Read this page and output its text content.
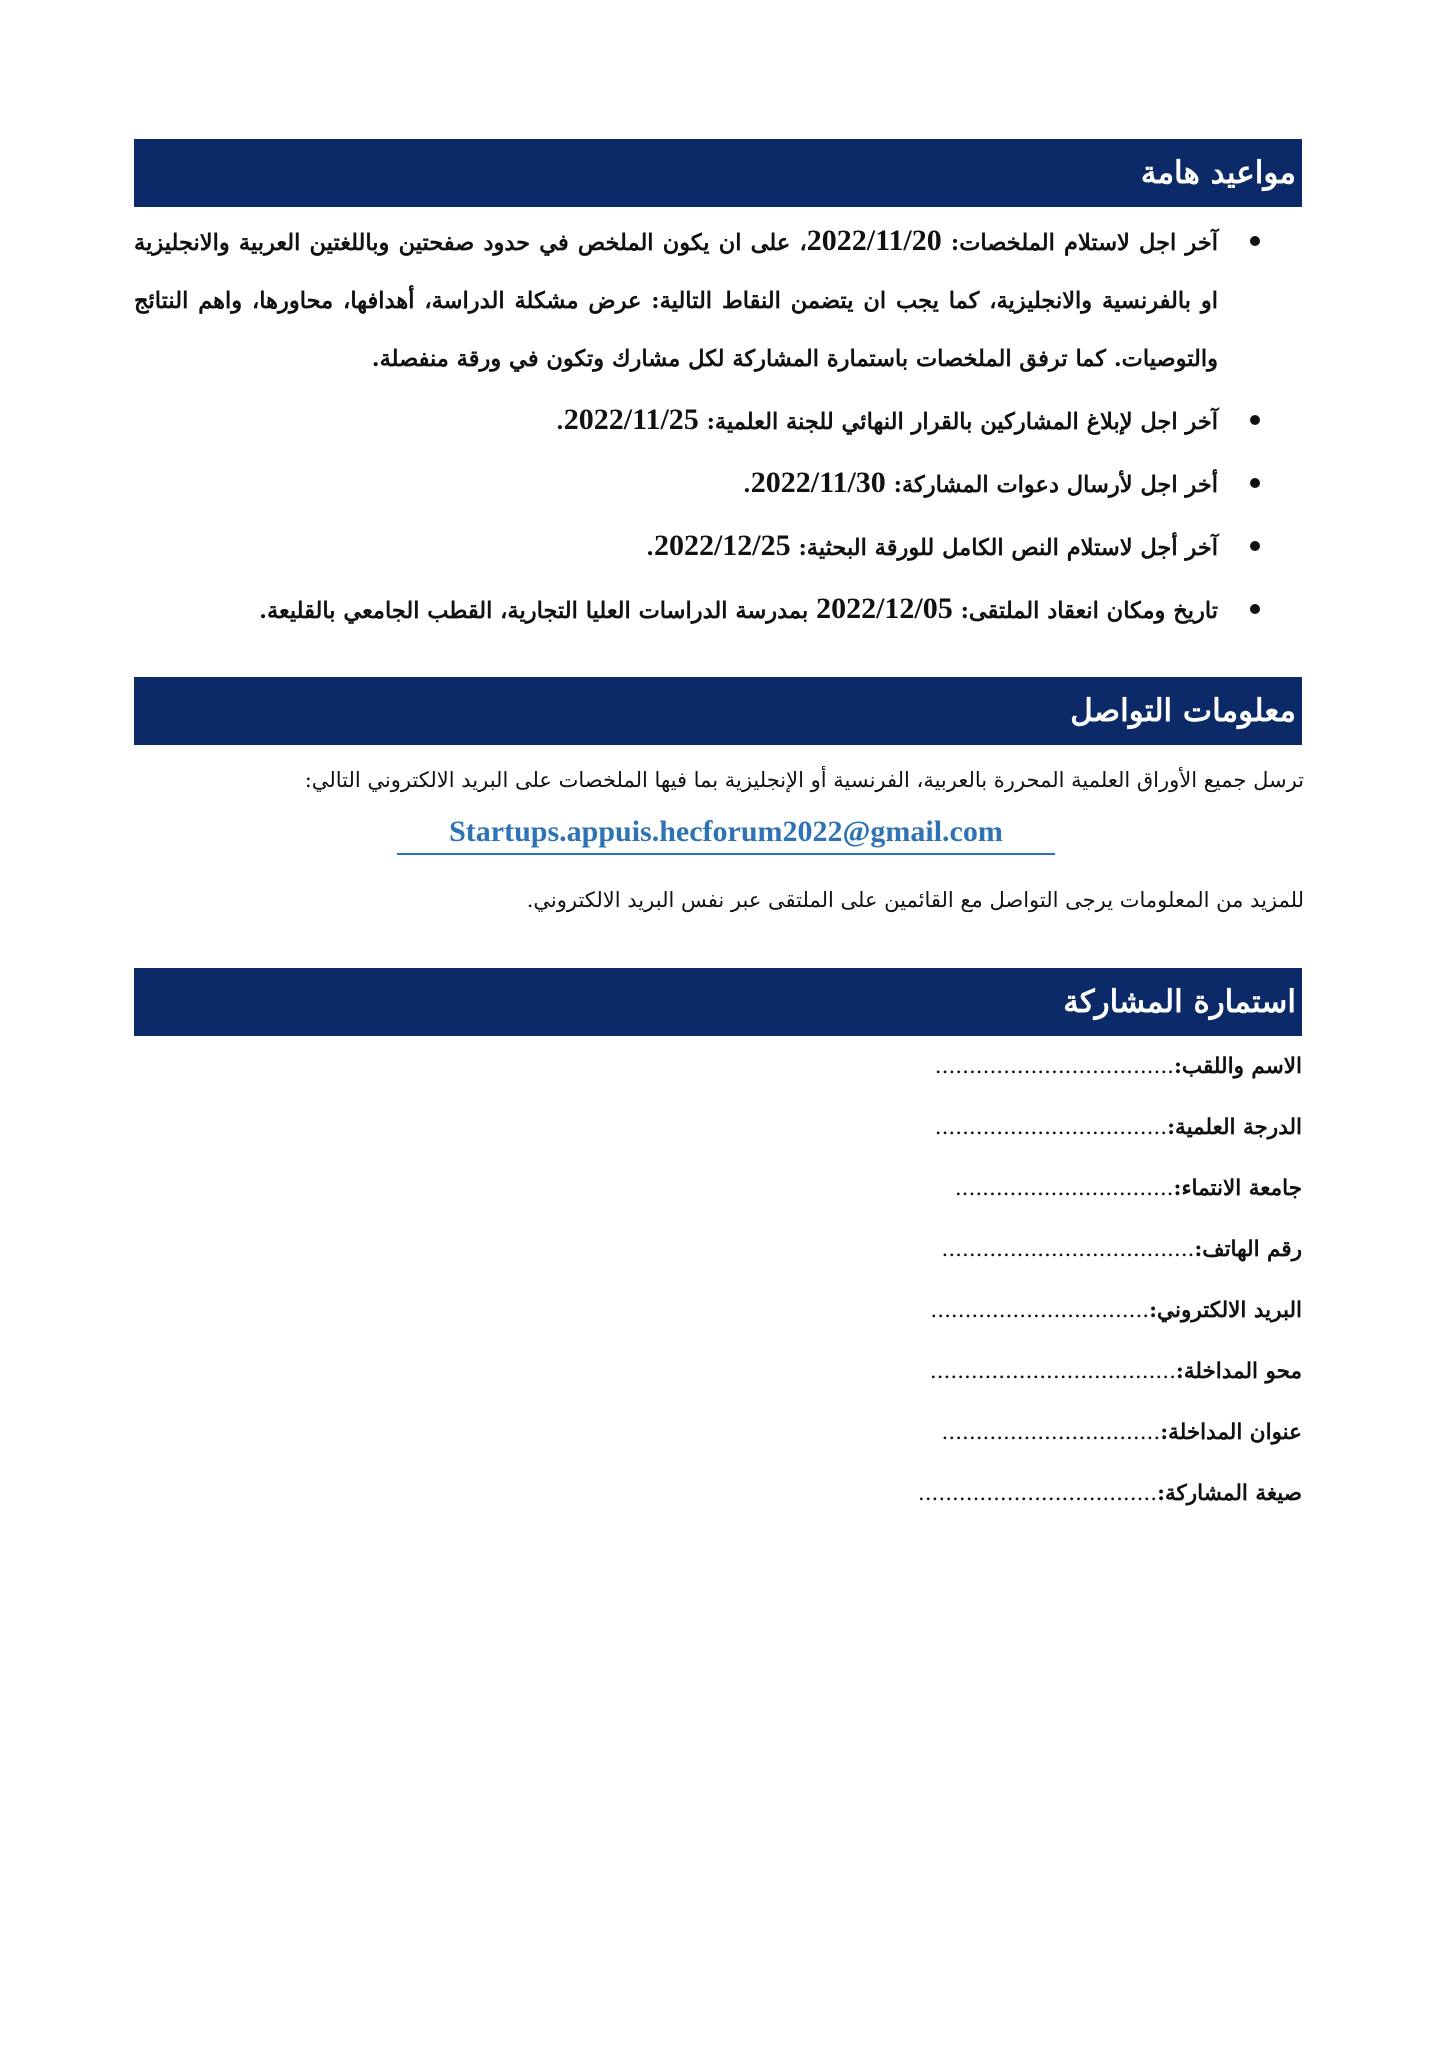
مواعيد هامة
آخر اجل لاستلام الملخصات: 2022/11/20، على ان يكون الملخص في حدود صفحتين وباللغتين العربية والانجليزية او بالفرنسية والانجليزية، كما يجب ان يتضمن النقاط التالية: عرض مشكلة الدراسة، أهدافها، محاورها، واهم النتائج والتوصيات. كما ترفق الملخصات باستمارة المشاركة لكل مشارك وتكون في ورقة منفصلة.
آخر اجل لإبلاغ المشاركين بالقرار النهائي للجنة العلمية: 2022/11/25.
أخر اجل لأرسال دعوات المشاركة: 2022/11/30.
آخر أجل لاستلام النص الكامل للورقة البحثية: 2022/12/25.
تاريخ ومكان انعقاد الملتقى: 2022/12/05 بمدرسة الدراسات العليا التجارية، القطب الجامعي بالقليعة.
معلومات التواصل

ترسل جميع الأوراق العلمية المحررة بالعربية، الفرنسية أو الإنجليزية بما فيها الملخصات على البريد الالكتروني التالي:

Startups.appuis.hecforum2022@gmail.com

للمزيد من المعلومات يرجى التواصل مع القائمين على الملتقى عبر نفس البريد الالكتروني.

استمارة المشاركة
الاسم واللقب:...................................
الدرجة العلمية:..................................
جامعة الانتماء:................................
رقم الهاتف:.....................................
البريد الالكتروني:................................
محو المداخلة:....................................
عنوان المداخلة:................................
صيغة المشاركة:...................................
